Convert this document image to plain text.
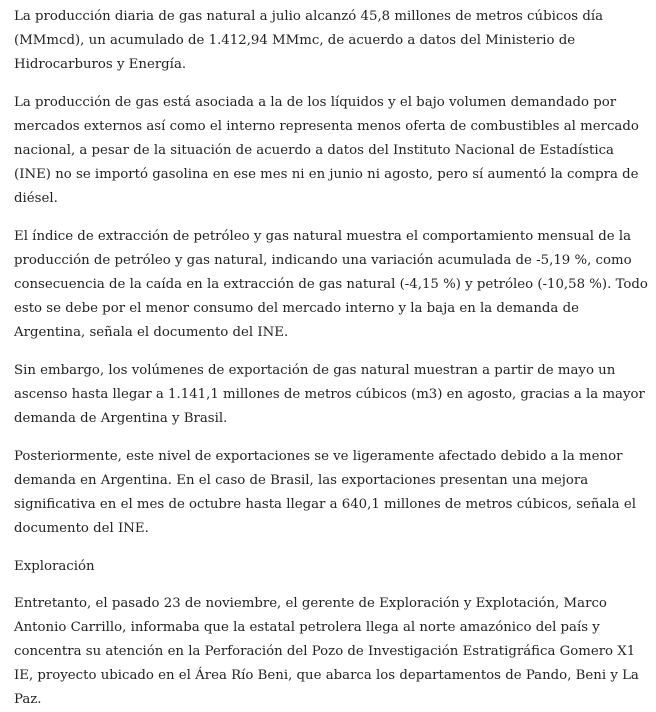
La producción diaria de gas natural a julio alcanzó 45,8 millones de metros cúbicos día (MMmcd), un acumulado de 1.412,94 MMmc, de acuerdo a datos del Ministerio de Hidrocarburos y Energía.

La producción de gas está asociada a la de los líquidos y el bajo volumen demandado por mercados externos así como el interno representa menos oferta de combustibles al mercado nacional, a pesar de la situación de acuerdo a datos del Instituto Nacional de Estadística (INE) no se importó gasolina en ese mes ni en junio ni agosto, pero sí aumentó la compra de diésel.

El índice de extracción de petróleo y gas natural muestra el comportamiento mensual de la producción de petróleo y gas natural, indicando una variación acumulada de -5,19 %, como consecuencia de la caída en la extracción de gas natural (-4,15 %) y petróleo (-10,58 %). Todo esto se debe por el menor consumo del mercado interno y la baja en la demanda de Argentina, señala el documento del INE.

Sin embargo, los volúmenes de exportación de gas natural muestran a partir de mayo un ascenso hasta llegar a 1.141,1 millones de metros cúbicos (m3) en agosto, gracias a la mayor demanda de Argentina y Brasil.

Posteriormente, este nivel de exportaciones se ve ligeramente afectado debido a la menor demanda en Argentina. En el caso de Brasil, las exportaciones presentan una mejora significativa en el mes de octubre hasta llegar a 640,1 millones de metros cúbicos, señala el documento del INE.

Exploración

Entretanto, el pasado 23 de noviembre, el gerente de Exploración y Explotación, Marco Antonio Carrillo, informaba que la estatal petrolera llega al norte amazónico del país y concentra su atención en la Perforación del Pozo de Investigación Estratigráfica Gomero X1 IE, proyecto ubicado en el Área Río Beni, que abarca los departamentos de Pando, Beni y La Paz.
